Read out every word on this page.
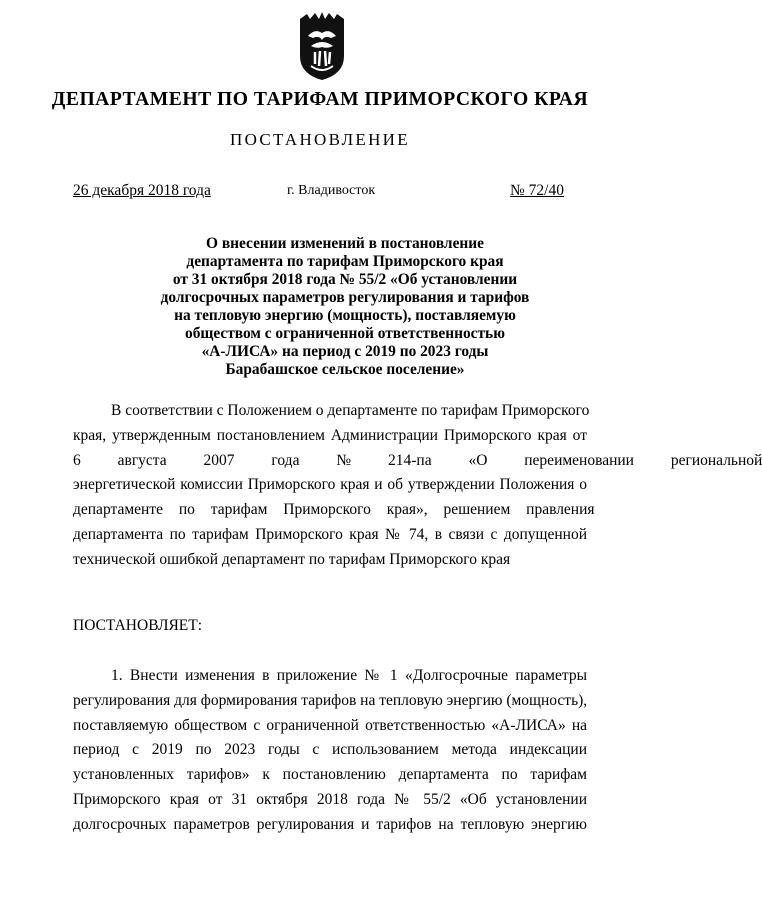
ДЕПАРТАМЕНТ ПО ТАРИФАМ ПРИМОРСКОГО КРАЯ
ПОСТАНОВЛЕНИЕ
26 декабря 2018 года	г. Владивосток	№ 72/40
О внесении изменений в постановление
департамента по тарифам Приморского края
от 31 октября 2018 года № 55/2 «Об установлении
долгосрочных параметров регулирования и тарифов
на тепловую энергию (мощность), поставляемую
обществом с ограниченной ответственностью
«А-ЛИСА» на период с 2019 по 2023 годы
Барабашское сельское поселение»
В соответствии с Положением о департаменте по тарифам Приморского
края, утвержденным постановлением Администрации Приморского края от
6 августа 2007 года № 214-па «О переименовании региональной
энергетической комиссии Приморского края и об утверждении Положения о
департаменте по тарифам Приморского края», решением правления
департамента по тарифам Приморского края № 74, в связи с допущенной
технической ошибкой департамент по тарифам Приморского края
ПОСТАНОВЛЯЕТ:
1. Внести изменения в приложение № 1 «Долгосрочные параметры
регулирования для формирования тарифов на тепловую энергию (мощность),
поставляемую обществом с ограниченной ответственностью «А-ЛИСА» на
период с 2019 по 2023 годы с использованием метода индексации
установленных тарифов» к постановлению департамента по тарифам
Приморского края от 31 октября 2018 года № 55/2 «Об установлении
долгосрочных параметров регулирования и тарифов на тепловую энергию
